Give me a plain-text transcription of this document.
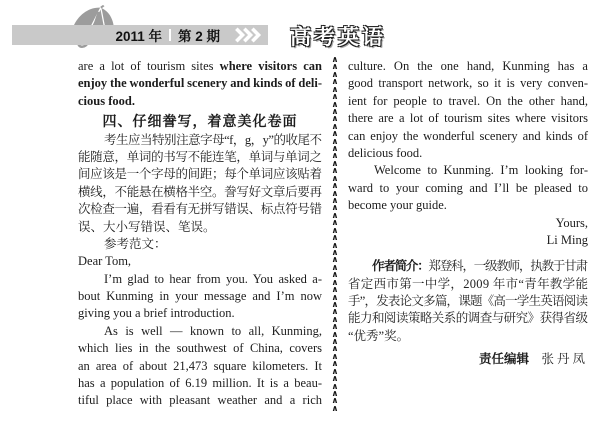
2011 年 第 2 期	高考英语
∧
∧
∧
∧
∧
∧
∧
∧
∧
∧
∧
∧
∧
∧
∧
∧
∧
∧
∧
∧
∧
∧
∧
∧
∧
∧
∧
∧
∧
∧
∧
∧
∧
∧
∧
∧
∧
∧
∧
∧
∧
∧
∧
∧
∧
∧
∧
∧
are a lot of tourism sites where visitors can
enjoy the wonderful scenery and kinds of deli-
cious food.
四、仔细誊写，着意美化卷面
考生应当特别注意字母“f，g，y”的收尾不
能随意，单词的书写不能连笔，单词与单词之
间应该是一个字母的间距；每个单词应该贴着
横线，不能悬在横格半空。誊写好文章后要再
次检查一遍，看看有无拼写错误、标点符号错
误、大小写错误、笔误。
参考范文：
Dear Tom,
I’m glad to hear from you. You asked a-
bout Kunming in your message and I’m now
giving you a brief introduction.
As is well — known to all, Kunming,
which lies in the southwest of China, covers
an area of about 21,473 square kilometers. It
has a population of 6.19 million. It is a beau-
tiful place with pleasant weather and a rich
culture. On the one hand, Kunming has a
good transport network, so it is very conven-
ient for people to travel. On the other hand,
there are a lot of tourism sites where visitors
can enjoy the wonderful scenery and kinds of
delicious food.
Welcome to Kunming. I’m looking for-
ward to your coming and I’ll be pleased to
become your guide.
Yours,
Li Ming
作者简介：郑登科，一级教师，执教于甘肃
省定西市第一中学，2009 年市“青年教学能
手”，发表论文多篇，课题《高一学生英语阅读
能力和阅读策略关系的调查与研究》获得省级
“优秀”奖。
责任编辑　 张丹凤
